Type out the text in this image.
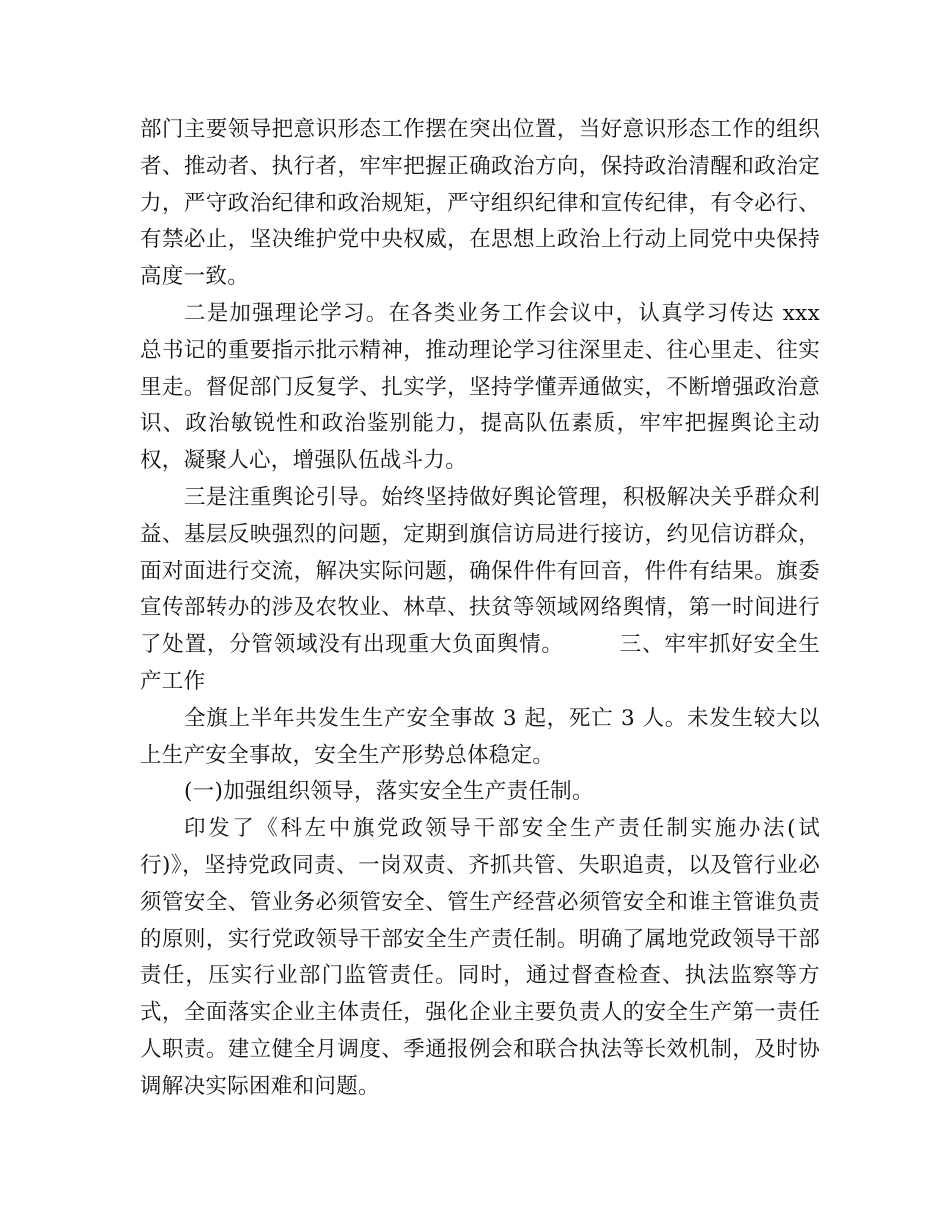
部门主要领导把意识形态工作摆在突出位置，当好意识形态工作的组织者、推动者、执行者，牢牢把握正确政治方向，保持政治清醒和政治定力，严守政治纪律和政治规矩，严守组织纪律和宣传纪律，有令必行、有禁必止，坚决维护党中央权威，在思想上政治上行动上同党中央保持高度一致。

二是加强理论学习。在各类业务工作会议中，认真学习传达 xxx 总书记的重要指示批示精神，推动理论学习往深里走、往心里走、往实里走。督促部门反复学、扎实学，坚持学懂弄通做实，不断增强政治意识、政治敏锐性和政治鉴别能力，提高队伍素质，牢牢把握舆论主动权，凝聚人心，增强队伍战斗力。

三是注重舆论引导。始终坚持做好舆论管理，积极解决关乎群众利益、基层反映强烈的问题，定期到旗信访局进行接访，约见信访群众，面对面进行交流，解决实际问题，确保件件有回音，件件有结果。旗委宣传部转办的涉及农牧业、林草、扶贫等领域网络舆情，第一时间进行了处置，分管领域没有出现重大负面舆情。　　　三、牢牢抓好安全生产工作

全旗上半年共发生生产安全事故 3 起，死亡 3 人。未发生较大以上生产安全事故，安全生产形势总体稳定。

(一)加强组织领导，落实安全生产责任制。

印发了《科左中旗党政领导干部安全生产责任制实施办法(试行)》，坚持党政同责、一岗双责、齐抓共管、失职追责，以及管行业必须管安全、管业务必须管安全、管生产经营必须管安全和谁主管谁负责的原则，实行党政领导干部安全生产责任制。明确了属地党政领导干部责任，压实行业部门监管责任。同时，通过督查检查、执法监察等方式，全面落实企业主体责任，强化企业主要负责人的安全生产第一责任人职责。建立健全月调度、季通报例会和联合执法等长效机制，及时协调解决实际困难和问题。
